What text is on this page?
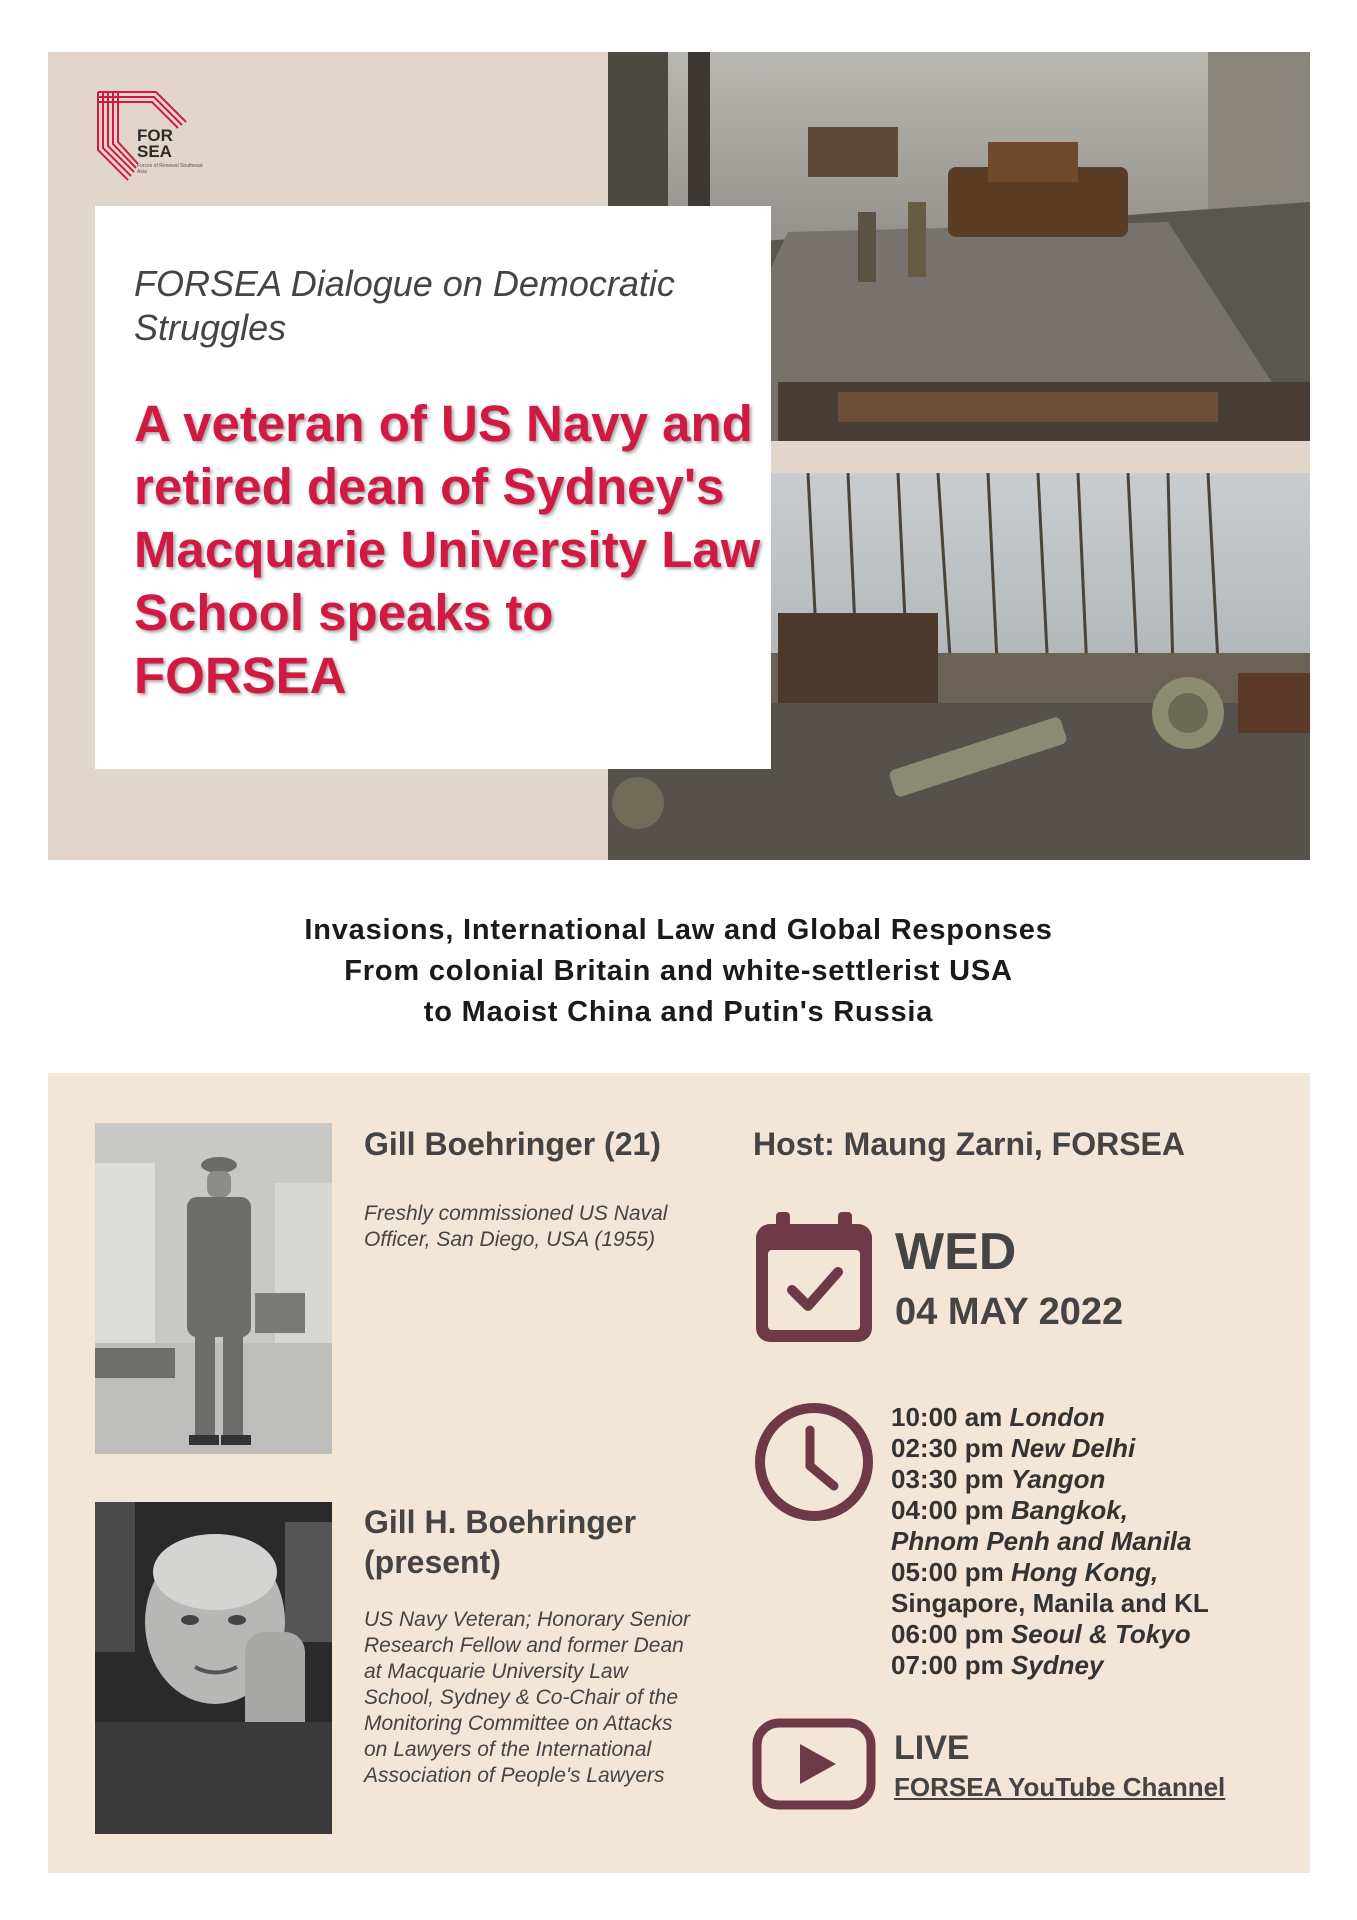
FOR
SEA
Forces of Renewal Southeast Asia
FORSEA Dialogue on Democratic Struggles
A veteran of US Navy and retired dean of Sydney's Macquarie University Law School speaks to FORSEA
Invasions, International Law and Global Responses
From colonial Britain and white-settlerist USA
to Maoist China and Putin's Russia
Gill Boehringer (21)
Freshly commissioned US Naval Officer, San Diego, USA (1955)
Gill H. Boehringer (present)
US Navy Veteran; Honorary Senior Research Fellow and former Dean at Macquarie University Law School, Sydney & Co-Chair of the Monitoring Committee on Attacks on Lawyers of the International Association of People's Lawyers
Host: Maung Zarni, FORSEA
WED
04 MAY 2022
10:00 am London
02:30 pm New Delhi
03:30 pm Yangon
04:00 pm Bangkok,
Phnom Penh and Manila
05:00 pm Hong Kong,
Singapore, Manila and KL
06:00 pm Seoul & Tokyo
07:00 pm Sydney
LIVE
FORSEA YouTube Channel
